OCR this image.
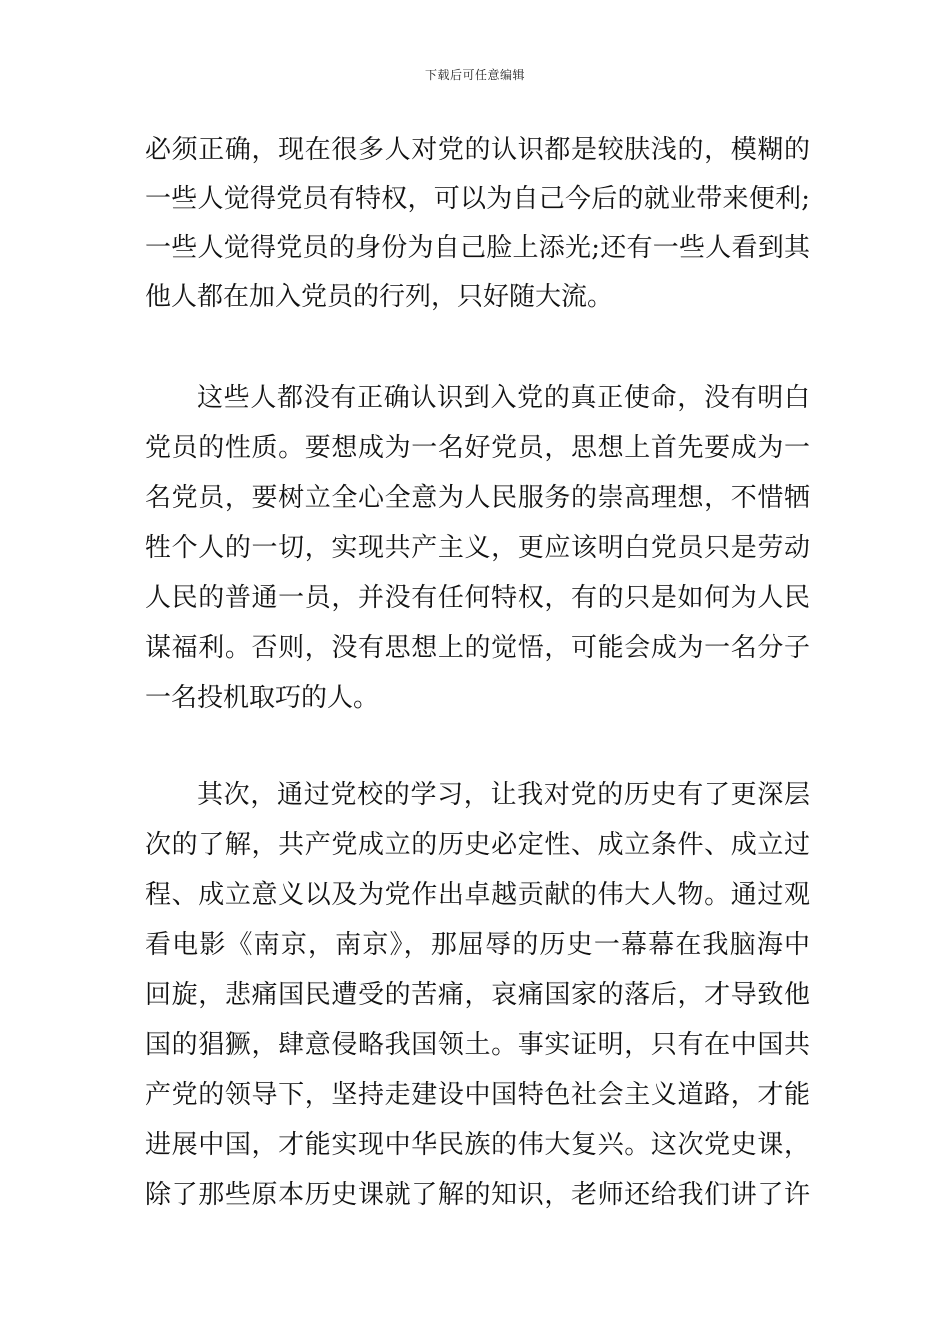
下载后可任意编辑
必须正确，现在很多人对党的认识都是较肤浅的，模糊的
一些人觉得党员有特权，可以为自己今后的就业带来便利;
一些人觉得党员的身份为自己脸上添光;还有一些人看到其
他人都在加入党员的行列，只好随大流。
这些人都没有正确认识到入党的真正使命，没有明白
党员的性质。要想成为一名好党员，思想上首先要成为一
名党员，要树立全心全意为人民服务的崇高理想，不惜牺
牲个人的一切，实现共产主义，更应该明白党员只是劳动
人民的普通一员，并没有任何特权，有的只是如何为人民
谋福利。否则，没有思想上的觉悟，可能会成为一名分子
一名投机取巧的人。
其次，通过党校的学习，让我对党的历史有了更深层
次的了解，共产党成立的历史必定性、成立条件、成立过
程、成立意义以及为党作出卓越贡献的伟大人物。通过观
看电影《南京，南京》，那屈辱的历史一幕幕在我脑海中
回旋，悲痛国民遭受的苦痛，哀痛国家的落后，才导致他
国的猖獗，肆意侵略我国领土。事实证明，只有在中国共
产党的领导下，坚持走建设中国特色社会主义道路，才能
进展中国，才能实现中华民族的伟大复兴。这次党史课，
除了那些原本历史课就了解的知识，老师还给我们讲了许
